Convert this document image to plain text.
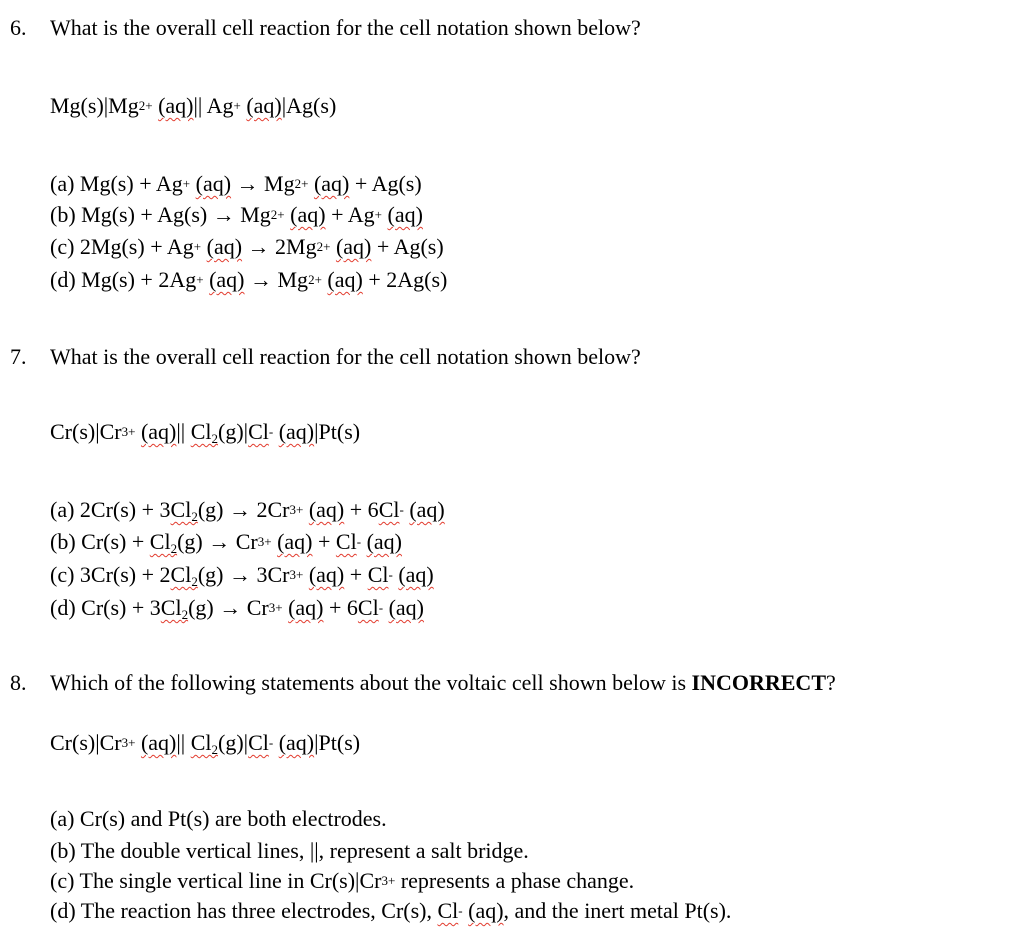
6. What is the overall cell reaction for the cell notation shown below?
$Mg(s)|Mg^{2+}$ (aq)|| Ag+ (aq)|Ag(s)
(a) Mg(s) + Ag+ $(aq) \to Mg^{2+}$ (aq) + Ag(s)
(b) $Mg(s) + Ag(s) \to Mg^{2+}$ (aq) + Ag+ (aq)
(c) 2Mg(s) + Ag+ $(aq) \to 2Mg^{2+}$ (aq) + Ag(s)
(d) Mg(s) + 2Ag+ $(aq) \to Mg^{2+}$ (aq) + 2Ag(s)
7. What is the overall cell reaction for the cell notation shown below?
$Cr(s)|Cr^{3+}$ (aq)|| $Cl_2(g)|Cl^-$ (aq)|Pt(s)
(a) $2Cr(s) + 3Cl_2(g) \to 2Cr^{3+}$ (aq) + 6Cl- (aq)
(b) $Cr(s) + Cl_2(g) \to Cr^{3+}$ (aq) + Cl- (aq)
(c) $3Cr(s) + 2Cl_2(g) \to 3Cr^{3+}$ (aq) + Cl- (aq)
(d) $Cr(s) + 3Cl_2(g) \to Cr^{3+}$ (aq) + 6Cl- (aq)
8. Which of the following statements about the voltaic cell shown below is INCORRECT?
$Cr(s)|Cr^{3+}$ (aq)|| $Cl_2(g)|Cl^-$ (aq)|Pt(s)
(a) Cr(s) and Pt(s) are both electrodes.
(b) The double vertical lines, ||, represent a salt bridge.
(c) The single vertical line in $Cr(s)|Cr^{3+}$ represents a phase change.
(d) The reaction has three electrodes, Cr(s), Cl- (aq), and the inert metal Pt(s).
